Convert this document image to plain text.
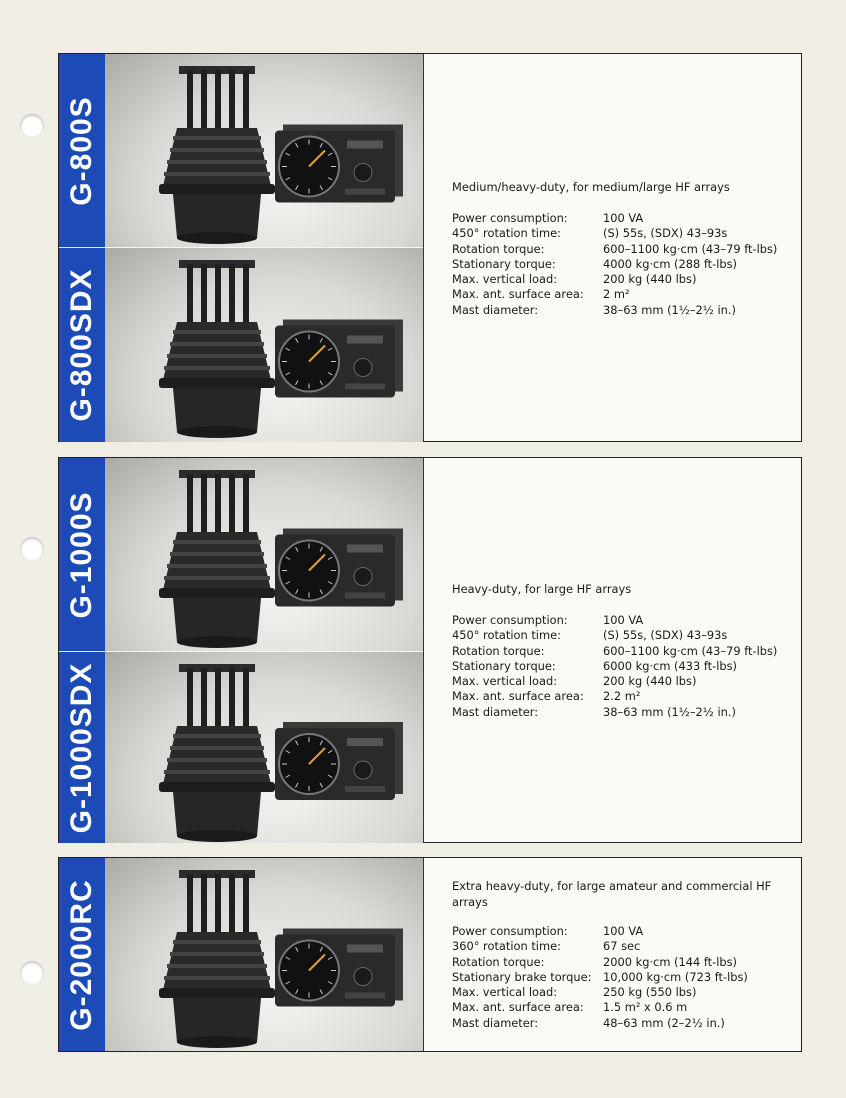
G-800S
G-800SDX
Medium/heavy-duty, for medium/large HF arrays
Power consumption:	100 VA
450° rotation time:	(S) 55s, (SDX) 43–93s
Rotation torque:	600–1100 kg·cm (43–79 ft-lbs)
Stationary torque:	4000 kg·cm (288 ft-lbs)
Max. vertical load:	200 kg (440 lbs)
Max. ant. surface area: 2 m²
Mast diameter:	38–63 mm (1½–2½ in.)
G-1000S
G-1000SDX
Heavy-duty, for large HF arrays
Power consumption:	100 VA
450° rotation time:	(S) 55s, (SDX) 43–93s
Rotation torque:	600–1100 kg·cm (43–79 ft-lbs)
Stationary torque:	6000 kg·cm (433 ft-lbs)
Max. vertical load:	200 kg (440 lbs)
Max. ant. surface area: 2.2 m²
Mast diameter:	38–63 mm (1½–2½ in.)
G-2000RC	Extra heavy-duty, for large amateur and commercial HF arrays
Power consumption:	100 VA
360° rotation time:	67 sec
Rotation torque:	2000 kg·cm (144 ft-lbs)
Stationary brake torque: 10,000 kg·cm (723 ft-lbs)
Max. vertical load:	250 kg (550 lbs)
Max. ant. surface area: 1.5 m² x 0.6 m
Mast diameter:	48–63 mm (2–2½ in.)
